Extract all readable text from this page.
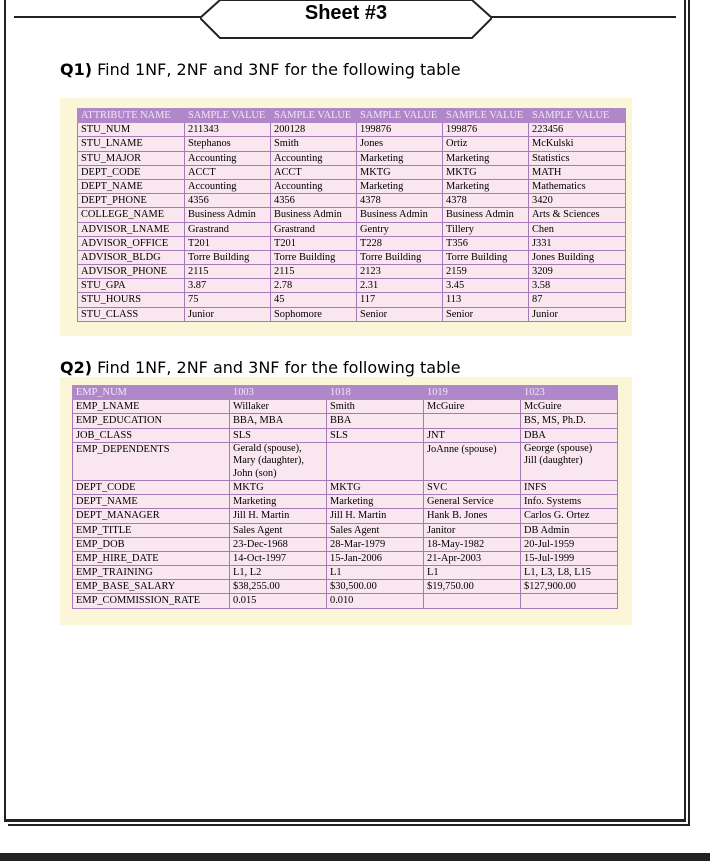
Sheet #3
Q1) Find 1NF, 2NF and 3NF for the following table
ATTRIBUTE NAME	SAMPLE VALUE	SAMPLE VALUE	SAMPLE VALUE	SAMPLE VALUE	SAMPLE VALUE
STU_NUM	211343	200128	199876	199876	223456
STU_LNAME	Stephanos	Smith	Jones	Ortiz	McKulski
STU_MAJOR	Accounting	Accounting	Marketing	Marketing	Statistics
DEPT_CODE	ACCT	ACCT	MKTG	MKTG	MATH
DEPT_NAME	Accounting	Accounting	Marketing	Marketing	Mathematics
DEPT_PHONE	4356	4356	4378	4378	3420
COLLEGE_NAME	Business Admin	Business Admin	Business Admin	Business Admin	Arts & Sciences
ADVISOR_LNAME	Grastrand	Grastrand	Gentry	Tillery	Chen
ADVISOR_OFFICE	T201	T201	T228	T356	J331
ADVISOR_BLDG	Torre Building	Torre Building	Torre Building	Torre Building	Jones Building
ADVISOR_PHONE	2115	2115	2123	2159	3209
STU_GPA	3.87	2.78	2.31	3.45	3.58
STU_HOURS	75	45	117	113	87
STU_CLASS	Junior	Sophomore	Senior	Senior	Junior
Q2) Find 1NF, 2NF and 3NF for the following table
EMP_NUM	1003	1018	1019	1023
EMP_LNAME	Willaker	Smith	McGuire	McGuire
EMP_EDUCATION	BBA, MBA	BBA		BS, MS, Ph.D.
JOB_CLASS	SLS	SLS	JNT	DBA
EMP_DEPENDENTS	Gerald (spouse),
Mary (daughter),
John (son)		JoAnne (spouse)	George (spouse)
Jill (daughter)
DEPT_CODE	MKTG	MKTG	SVC	INFS
DEPT_NAME	Marketing	Marketing	General Service	Info. Systems
DEPT_MANAGER	Jill H. Martin	Jill H. Martin	Hank B. Jones	Carlos G. Ortez
EMP_TITLE	Sales Agent	Sales Agent	Janitor	DB Admin
EMP_DOB	23-Dec-1968	28-Mar-1979	18-May-1982	20-Jul-1959
EMP_HIRE_DATE	14-Oct-1997	15-Jan-2006	21-Apr-2003	15-Jul-1999
EMP_TRAINING	L1, L2	L1	L1	L1, L3, L8, L15
EMP_BASE_SALARY	$38,255.00	$30,500.00	$19,750.00	$127,900.00
EMP_COMMISSION_RATE	0.015	0.010		
